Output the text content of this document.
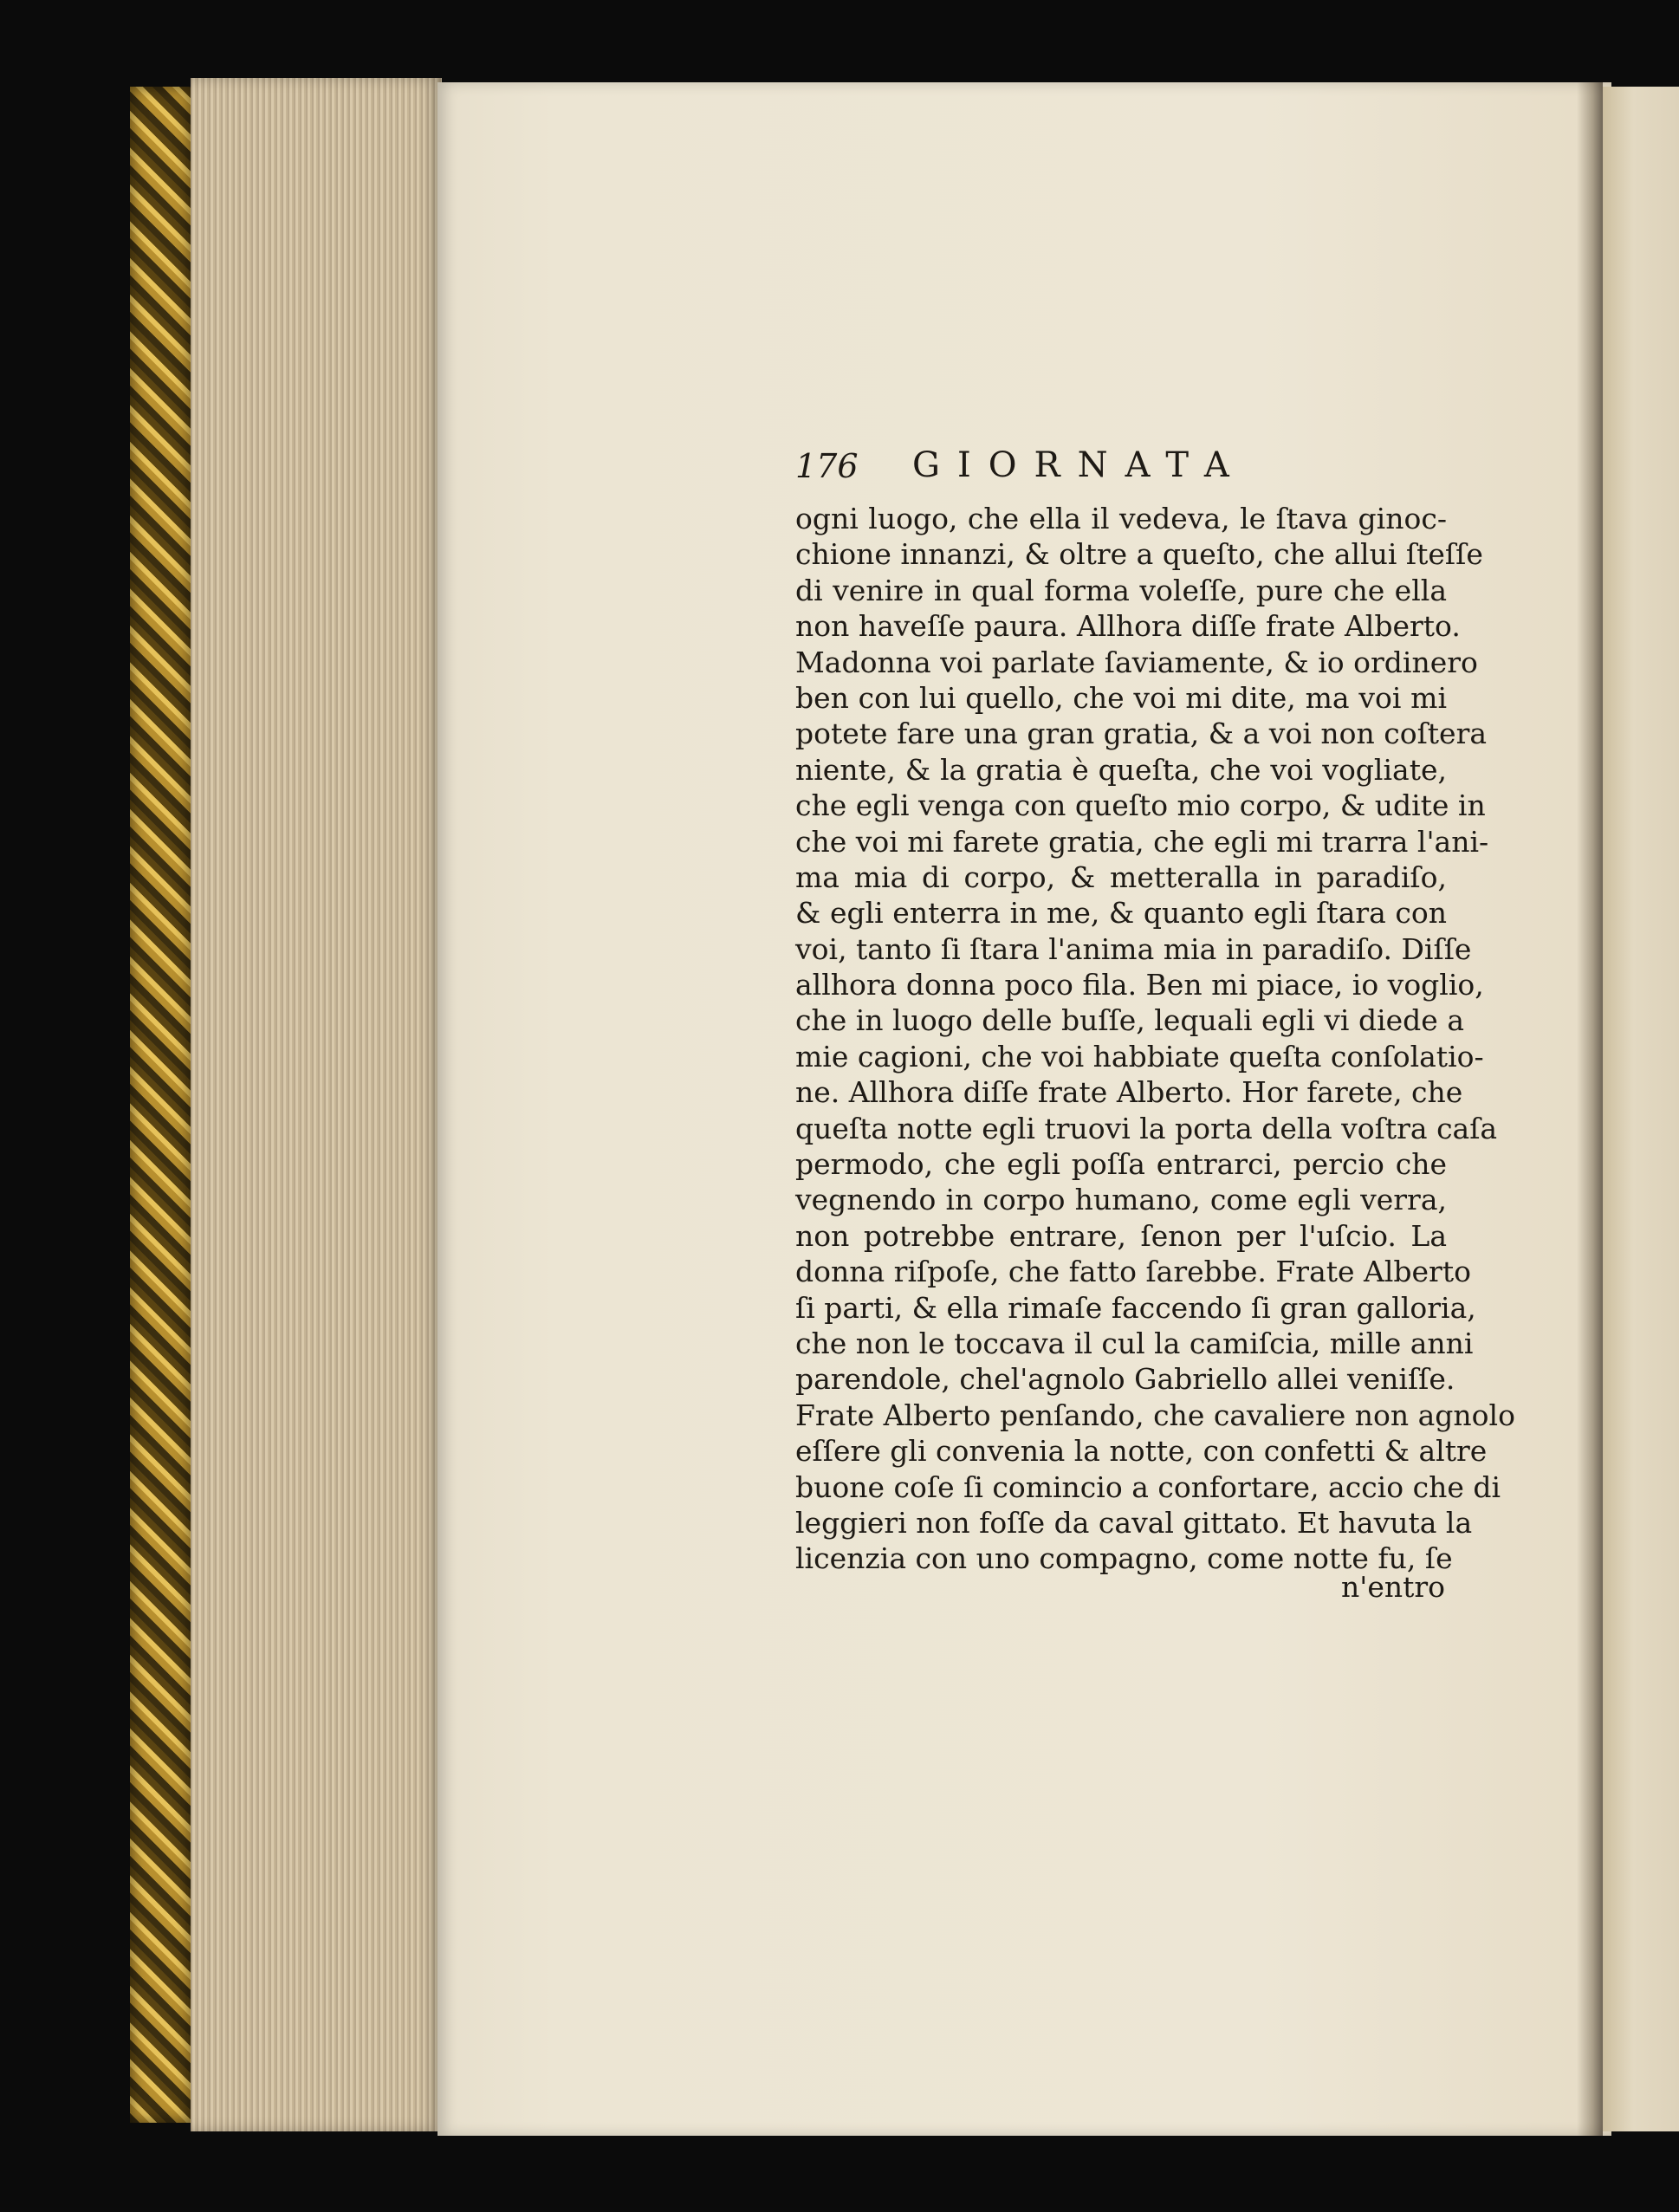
176 GIORNATA
ogni luogo, che ella il vedeva, le ſtava ginoc-
chione innanzi, & oltre a queſto, che allui ſteſſe
di venire in qual forma voleſſe, pure che ella
non haveſſe paura. Allhora diſſe frate Alberto.
Madonna voi parlate ſaviamente, & io ordinero
ben con lui quello, che voi mi dite, ma voi mi
potete fare una gran gratia, & a voi non coſtera
niente, & la gratia è queſta, che voi vogliate,
che egli venga con queſto mio corpo, & udite in
che voi mi farete gratia, che egli mi trarra l'ani-
ma mia di corpo, & metteralla in paradiſo,
& egli enterra in me, & quanto egli ſtara con
voi, tanto ſi ſtara l'anima mia in paradiſo. Diſſe
allhora donna poco fila. Ben mi piace, io voglio,
che in luogo delle buſſe, lequali egli vi diede a
mie cagioni, che voi habbiate queſta conſolatio-
ne. Allhora diſſe frate Alberto. Hor farete, che
queſta notte egli truovi la porta della voſtra caſa
permodo, che egli poſſa entrarci, percio che
vegnendo in corpo humano, come egli verra,
non potrebbe entrare, ſenon per l'uſcio. La
donna riſpoſe, che fatto ſarebbe. Frate Alberto
ſi parti, & ella rimaſe faccendo ſi gran galloria,
che non le toccava il cul la camiſcia, mille anni
parendole, chel'agnolo Gabriello allei veniſſe.
Frate Alberto penſando, che cavaliere non agnolo
eſſere gli convenia la notte, con confetti & altre
buone coſe ſi comincio a confortare, accio che di
leggieri non foſſe da caval gittato. Et havuta la
licenzia con uno compagno, come notte fu, ſe
n'entro
